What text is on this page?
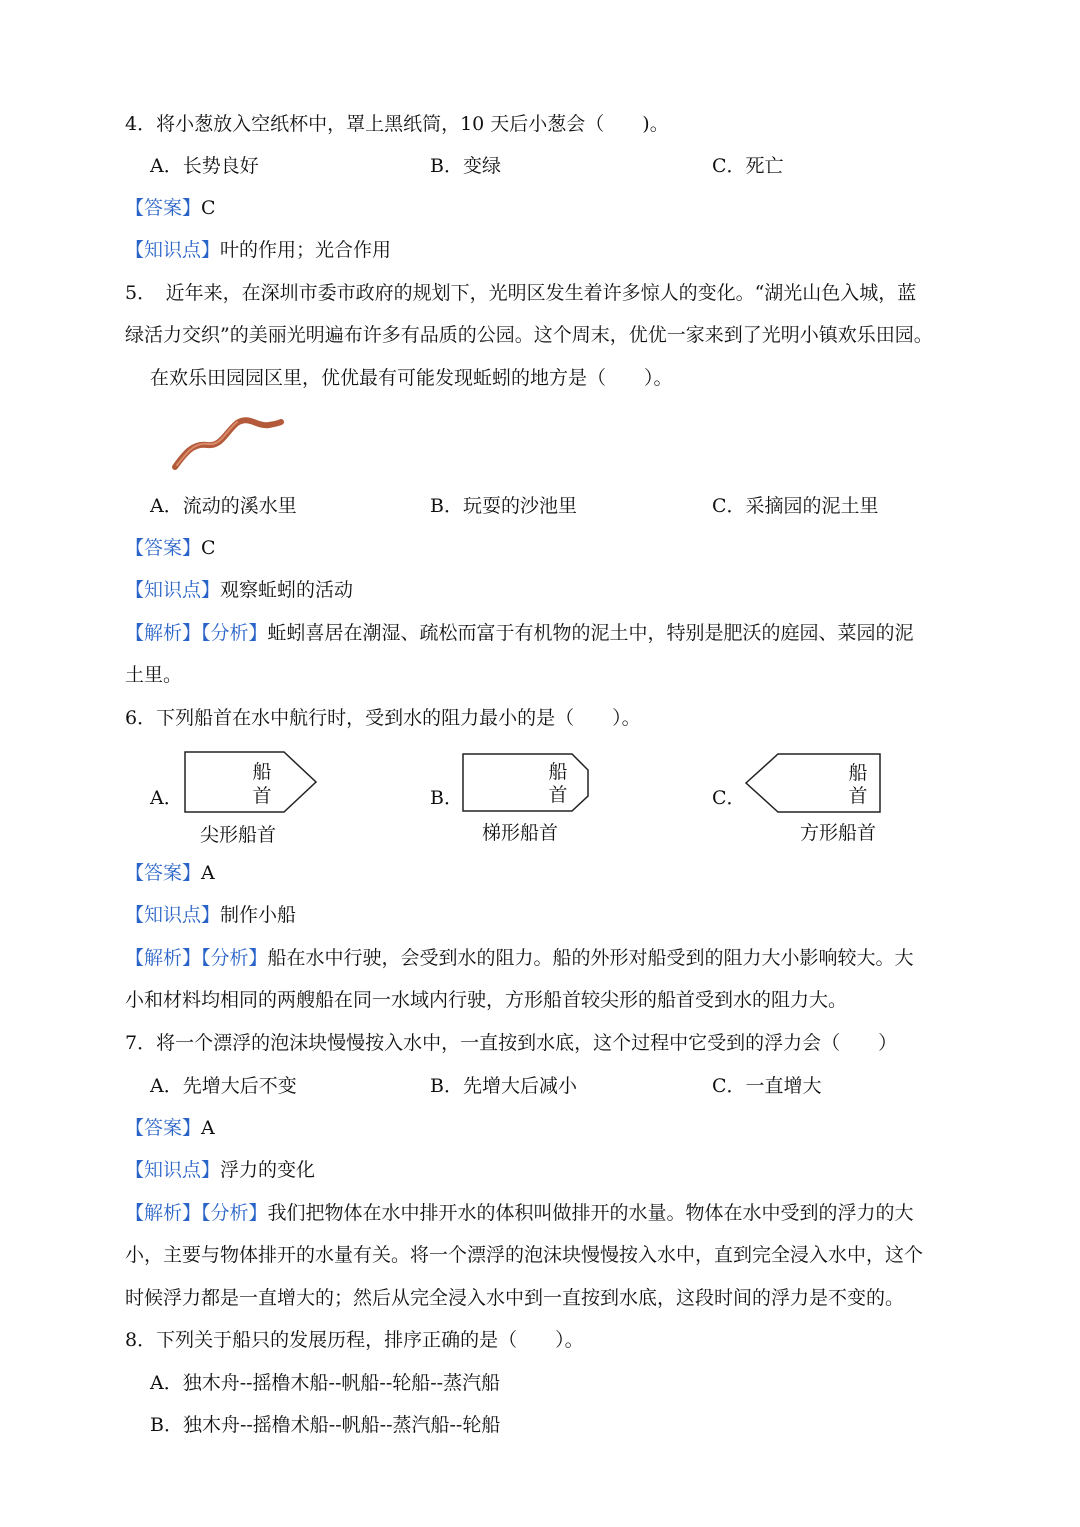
4．将小葱放入空纸杯中，罩上黑纸筒，10 天后小葱会（　　)。
A．长势良好	B．变绿	C．死亡
【答案】C
【知识点】叶的作用；光合作用
5．　近年来，在深圳市委市政府的规划下，光明区发生着许多惊人的变化。“湖光山色入城，蓝
绿活力交织”的美丽光明遍布许多有品质的公园。这个周末，优优一家来到了光明小镇欢乐田园。
在欢乐田园园区里，优优最有可能发现蚯蚓的地方是（　　）。
A．流动的溪水里	B．玩耍的沙池里	C．采摘园的泥土里
【答案】C
【知识点】观察蚯蚓的活动
【解析】【分析】蚯蚓喜居在潮湿、疏松而富于有机物的泥土中，特别是肥沃的庭园、菜园的泥
土里。
6．下列船首在水中航行时，受到水的阻力最小的是（　　）。
A．
船
首
尖形船首
B．
船
首
梯形船首
C．
船
首
方形船首
【答案】A
【知识点】制作小船
【解析】【分析】船在水中行驶，会受到水的阻力。船的外形对船受到的阻力大小影响较大。大
小和材料均相同的两艘船在同一水域内行驶，方形船首较尖形的船首受到水的阻力大。
7．将一个漂浮的泡沫块慢慢按入水中，一直按到水底，这个过程中它受到的浮力会（　　）
A．先增大后不变	B．先增大后减小	C．一直增大
【答案】A
【知识点】浮力的变化
【解析】【分析】我们把物体在水中排开水的体积叫做排开的水量。物体在水中受到的浮力的大
小，主要与物体排开的水量有关。将一个漂浮的泡沫块慢慢按入水中，直到完全浸入水中，这个
时候浮力都是一直增大的；然后从完全浸入水中到一直按到水底，这段时间的浮力是不变的。
8．下列关于船只的发展历程，排序正确的是（　　）。
A．独木舟--摇橹木船--帆船--轮船--蒸汽船
B．独木舟--摇橹术船--帆船--蒸汽船--轮船
